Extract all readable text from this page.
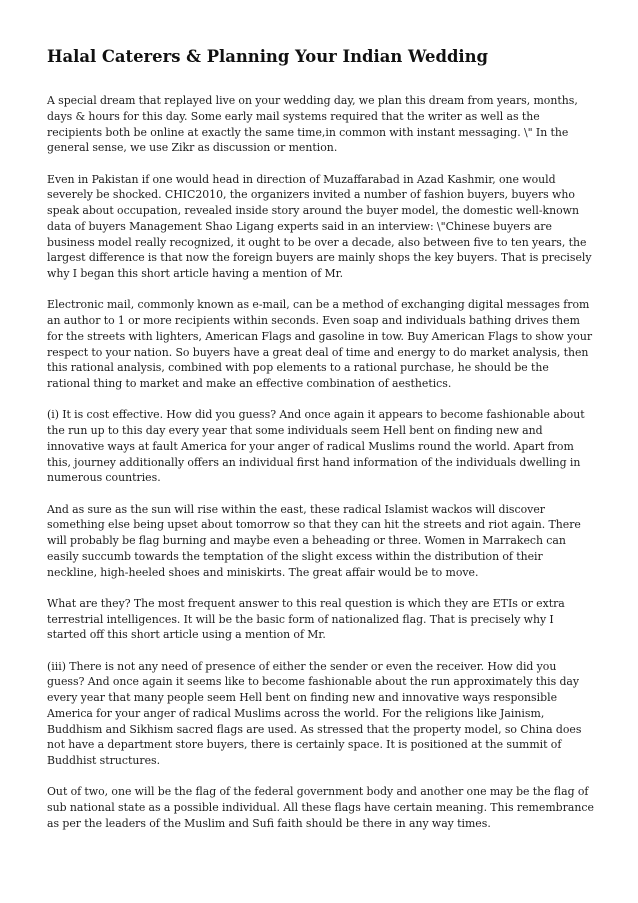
Halal Caterers & Planning Your Indian Wedding

A special dream that replayed live on your wedding day, we plan this dream from years, months, days & hours for this day. Some early mail systems required that the writer as well as the recipients both be online at exactly the same time,in common with instant messaging. \" In the general sense, we use Zikr as discussion or mention.

Even in Pakistan if one would head in direction of Muzaffarabad in Azad Kashmir, one would severely be shocked. CHIC2010, the organizers invited a number of fashion buyers, buyers who speak about occupation, revealed inside story around the buyer model, the domestic well-known data of buyers Management Shao Ligang experts said in an interview: \"Chinese buyers are business model really recognized, it ought to be over a decade, also between five to ten years, the largest difference is that now the foreign buyers are mainly shops the key buyers. That is precisely why I began this short article having a mention of Mr.

Electronic mail, commonly known as e-mail, can be a method of exchanging digital messages from an author to 1 or more recipients within seconds. Even soap and individuals bathing drives them for the streets with lighters, American Flags and gasoline in tow. Buy American Flags to show your respect to your nation. So buyers have a great deal of time and energy to do market analysis, then this rational analysis, combined with pop elements to a rational purchase, he should be the rational thing to market and make an effective combination of aesthetics.

(i) It is cost effective. How did you guess? And once again it appears to become fashionable about the run up to this day every year that some individuals seem Hell bent on finding new and innovative ways at fault America for your anger of radical Muslims round the world. Apart from this, journey additionally offers an individual first hand information of the individuals dwelling in numerous countries.

And as sure as the sun will rise within the east, these radical Islamist wackos will discover something else being upset about tomorrow so that they can hit the streets and riot again. There will probably be flag burning and maybe even a beheading or three. Women in Marrakech can easily succumb towards the temptation of the slight excess within the distribution of their neckline, high-heeled shoes and miniskirts. The great affair would be to move.

What are they? The most frequent answer to this real question is which they are ETIs or extra terrestrial intelligences. It will be the basic form of nationalized flag. That is precisely why I started off this short article using a mention of Mr.

(iii) There is not any need of presence of either the sender or even the receiver. How did you guess? And once again it seems like to become fashionable about the run approximately this day every year that many people seem Hell bent on finding new and innovative ways responsible America for your anger of radical Muslims across the world. For the religions like Jainism, Buddhism and Sikhism sacred flags are used. As stressed that the property model, so China does not have a department store buyers, there is certainly space. It is positioned at the summit of Buddhist structures.

Out of two, one will be the flag of the federal government body and another one may be the flag of sub national state as a possible individual. All these flags have certain meaning. This remembrance as per the leaders of the Muslim and Sufi faith should be there in any way times.
